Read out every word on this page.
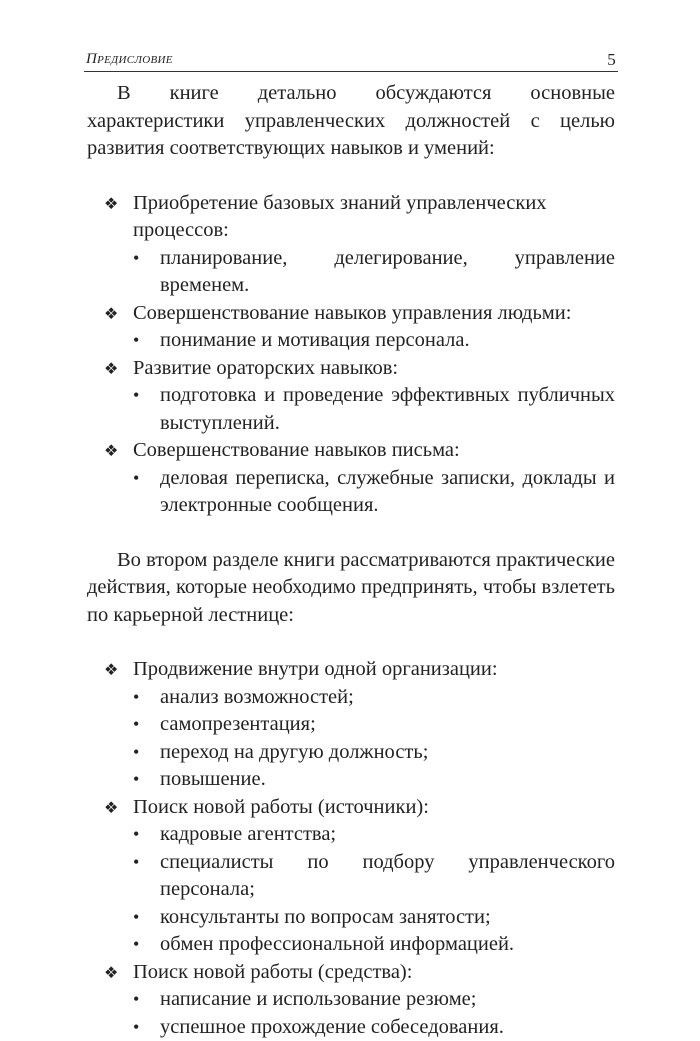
Предисловие	5

В книге детально обсуждаются основные характеристики управленческих должностей с целью развития соответствующих навыков и умений:

❖ Приобретение базовых знаний управленческих процессов:
• планирование, делегирование, управление временем.
❖ Совершенствование навыков управления людьми:
• понимание и мотивация персонала.
❖ Развитие ораторских навыков:
• подготовка и проведение эффективных публичных выступлений.
❖ Совершенствование навыков письма:
• деловая переписка, служебные записки, доклады и электронные сообщения.

Во втором разделе книги рассматриваются практические действия, которые необходимо предпринять, чтобы взлететь по карьерной лестнице:

❖ Продвижение внутри одной организации:
• анализ возможностей;
• самопрезентация;
• переход на другую должность;
• повышение.
❖ Поиск новой работы (источники):
• кадровые агентства;
• специалисты по подбору управленческого персонала;
• консультанты по вопросам занятости;
• обмен профессиональной информацией.
❖ Поиск новой работы (средства):
• написание и использование резюме;
• успешное прохождение собеседования.
